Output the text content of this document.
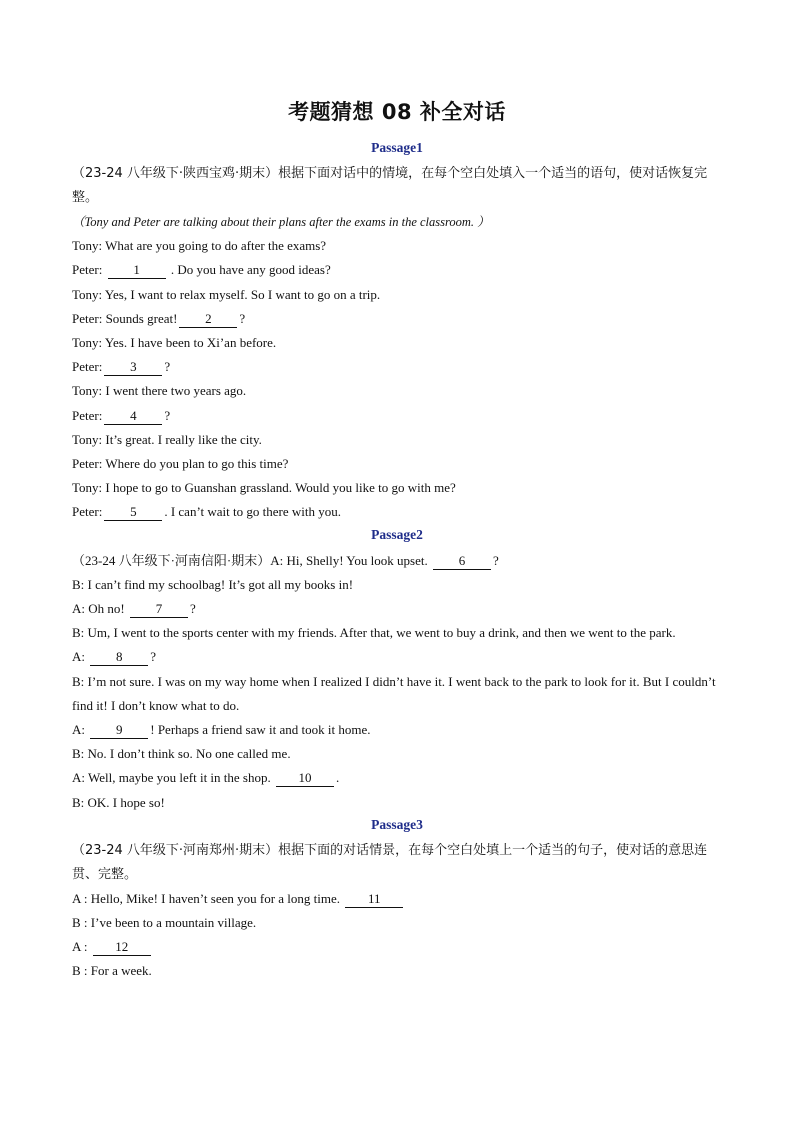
考题猜想 08 补全对话
Passage1
（23-24 八年级下·陕西宝鸡·期末）根据下面对话中的情境，在每个空白处填入一个适当的语句，使对话恢复完整。
（Tony and Peter are talking about their plans after the exams in the classroom. ）
Tony: What are you going to do after the exams?
Peter: 1 . Do you have any good ideas?
Tony: Yes, I want to relax myself. So I want to go on a trip.
Peter: Sounds great! 2 ?
Tony: Yes. I have been to Xi’an before.
Peter: 3 ?
Tony: I went there two years ago.
Peter: 4 ?
Tony: It’s great. I really like the city.
Peter: Where do you plan to go this time?
Tony: I hope to go to Guanshan grassland. Would you like to go with me?
Peter: 5 . I can’t wait to go there with you.
Passage2
（23-24 八年级下·河南信阳·期末）A: Hi, Shelly! You look upset. 6 ?
B: I can’t find my schoolbag! It’s got all my books in!
A: Oh no! 7 ?
B: Um, I went to the sports center with my friends. After that, we went to buy a drink, and then we went to the park.
A: 8 ?
B: I’m not sure. I was on my way home when I realized I didn’t have it. I went back to the park to look for it. But I couldn’t find it! I don’t know what to do.
A: 9 ! Perhaps a friend saw it and took it home.
B: No. I don’t think so. No one called me.
A: Well, maybe you left it in the shop. 10 .
B: OK. I hope so!
Passage3
（23-24 八年级下·河南郑州·期末）根据下面的对话情景，在每个空白处填上一个适当的句子，使对话的意思连贯、完整。
A : Hello, Mike! I haven’t seen you for a long time. 11
B : I’ve been to a mountain village.
A : 12
B : For a week.
